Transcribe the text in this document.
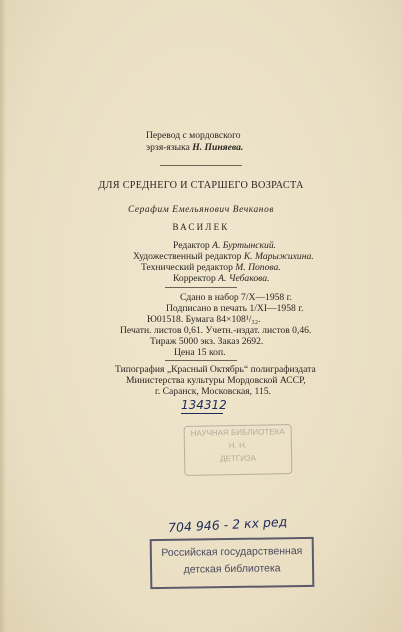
Перевод с мордовского
эрзя-языка Н. Пиняева.
ДЛЯ СРЕДНЕГО И СТАРШЕГО ВОЗРАСТА
Серафим Емельянович Вечканов
ВАСИЛЕК
Редактор А. Буртынский.
Художественный редактор К. Марыжихина.
Технический редактор М. Попова.
Корректор А. Чебакова.
Сдано в набор 7/Х—1958 г.
Подписано в печать 1/XI—1958 г.
Ю01518. Бумага 84×108¹/₃₂.
Печатн. листов 0,61. Учетн.-издат. листов 0,46.
Тираж 5000 экз. Заказ 2692.
Цена 15 коп.
Типография „Красный Октябрь“ полиграфиздата
Министерства культуры Мордовской АССР,
г. Саранск, Московская, 115.
134312
НАУЧНАЯ БИБЛИОТЕКА
Н. Н.
ДЕТГИЗА
704 946 - 2 кх ред
Российская государственная
детская библиотека
